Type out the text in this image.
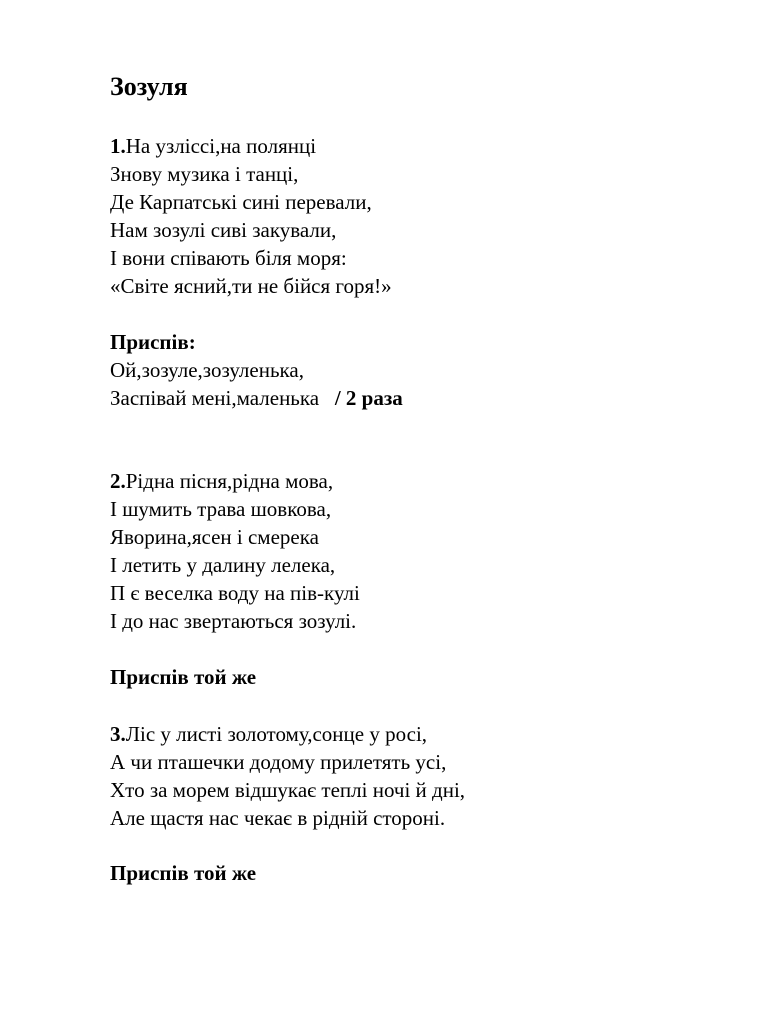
Зозуля
1.На узліссі,на полянці
Знову музика і танці,
Де Карпатські сині перевали,
Нам зозулі сиві закували,
І вони співають біля моря:
«Світе ясний,ти не бійся горя!»
Приспів:
Ой,зозуле,зозуленька,
Заспівай мені,маленька / 2 раза
2.Рідна пісня,рідна мова,
І шумить трава шовкова,
Яворина,ясен і смерека
І летить у далину лелека,
П є веселка воду на пів-кулі
І до нас звертаються зозулі.
Приспів той же
3.Ліс у листі золотому,сонце у росі,
А чи пташечки додому прилетять усі,
Хто за морем відшукає теплі ночі й дні,
Але щастя нас чекає в рідній стороні.
Приспів той же
